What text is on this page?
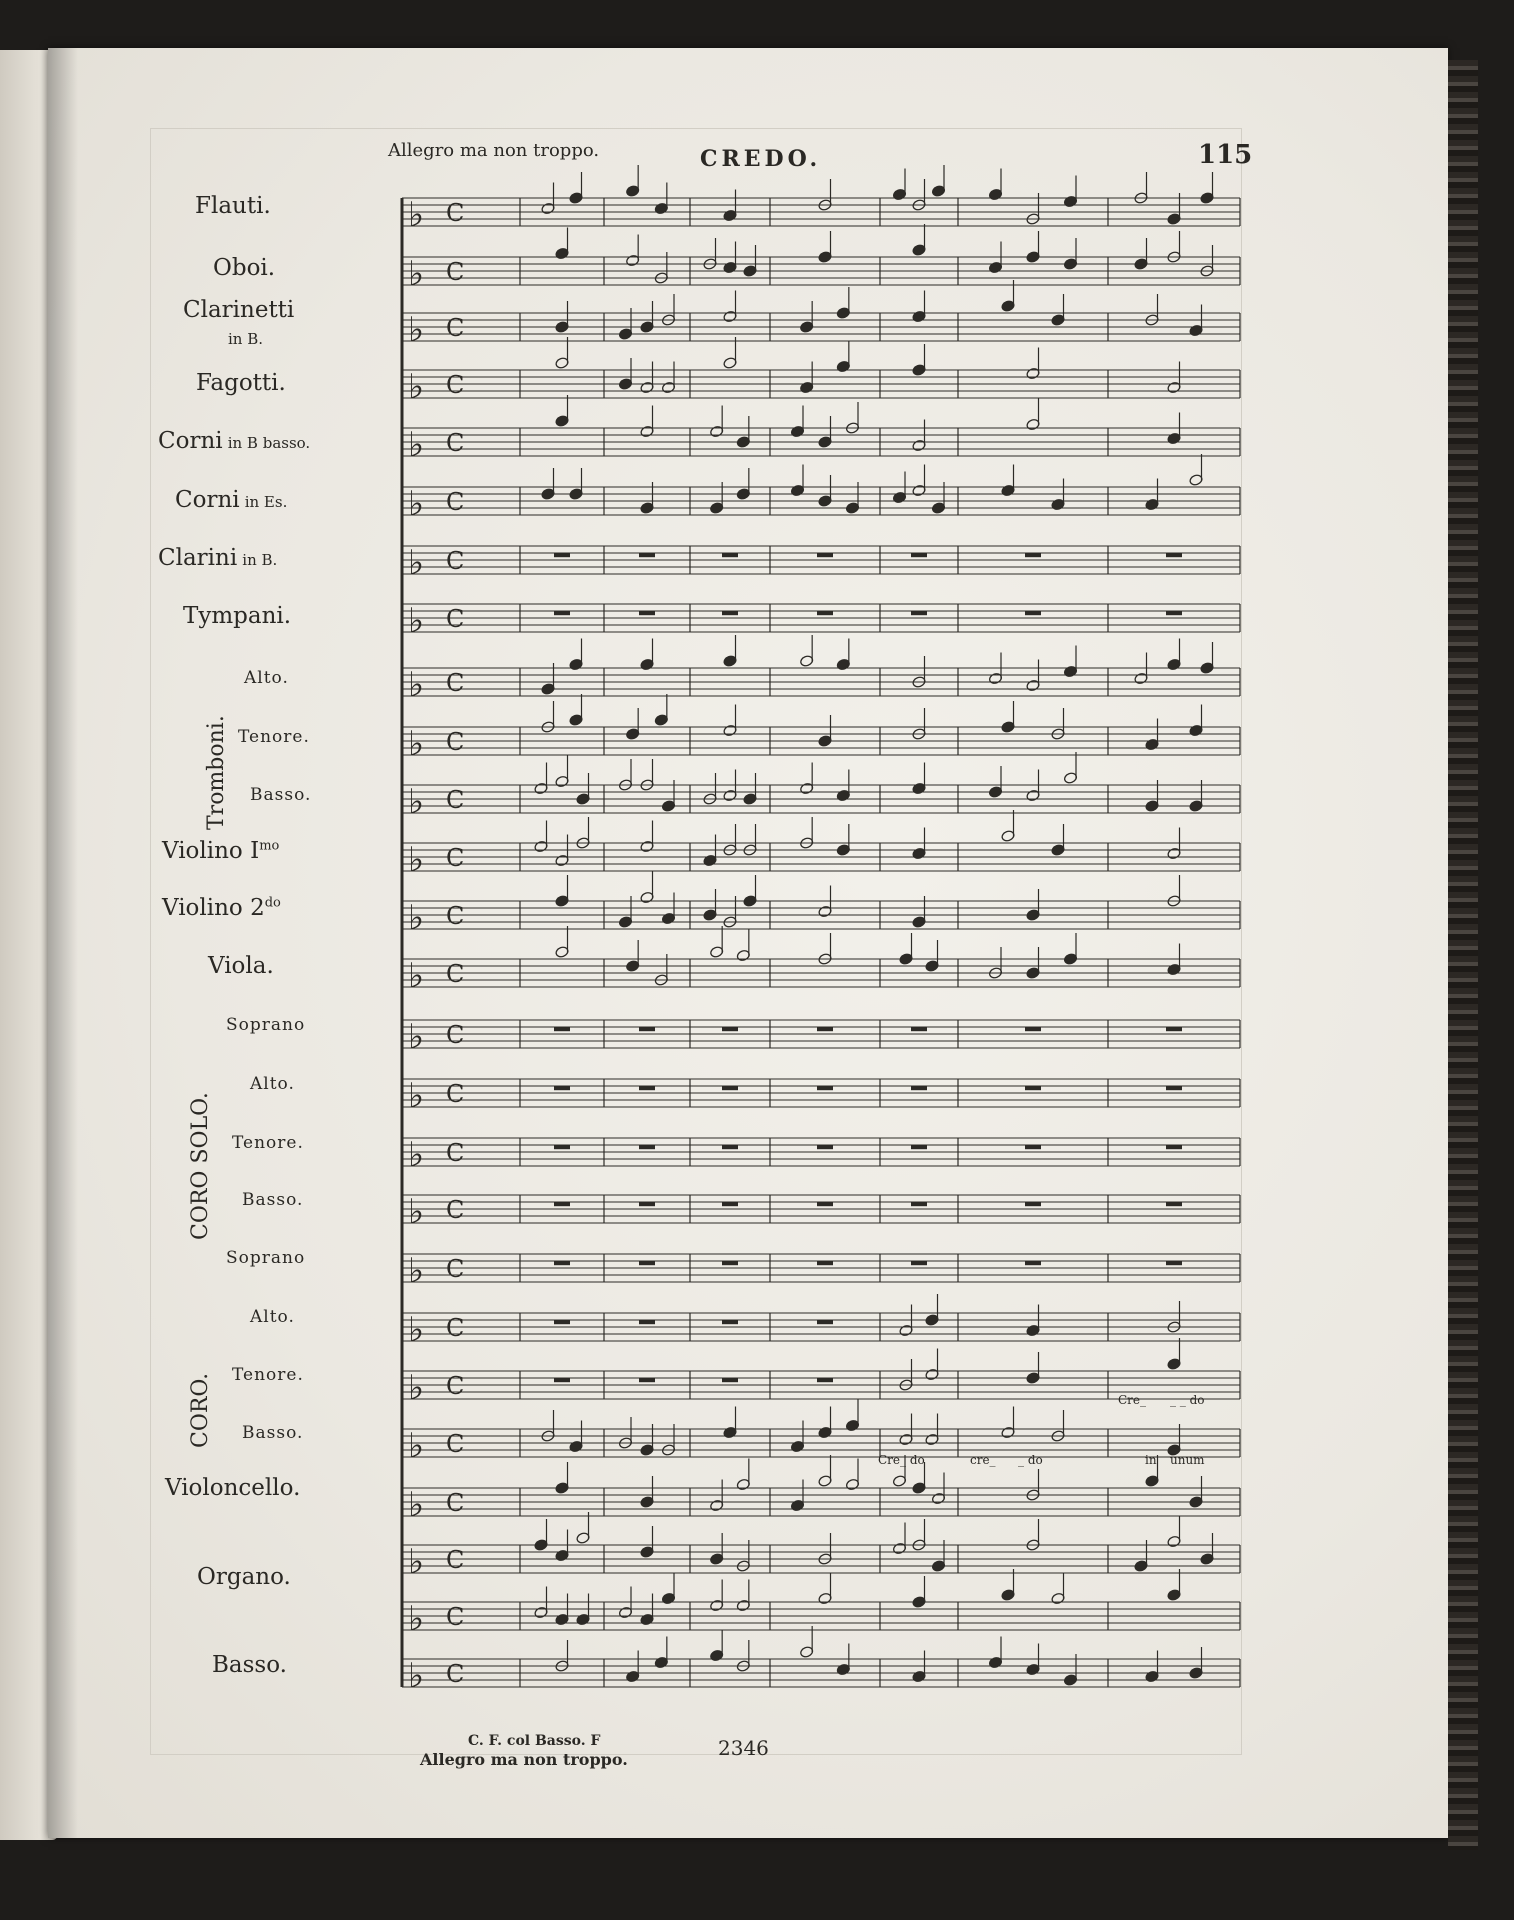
Allegro ma non troppo.	CREDO.	115
♭ C
♭ C
♭ C
♭ C
♭ C
♭ C
♭ C
♭ C
♭ C
♭ C
♭ C
♭ C
♭ C
♭ C
♭ C
♭ C
♭ C
♭ C
♭ C
♭ C
♭ C
♭ C
♭ C
♭ C
♭ C
♭ C
Flauti.
Oboi.
Clarinetti
in B.
Fagotti.
Corni in B basso.
Corni in Es.
Clarini in B.
Tympani.
Tromboni.
Alto.
Tenore.
Basso.
Violino $I^{mo}$
Violino $2^{do}$
Viola.
CORO SOLO.
Soprano
Alto.
Tenore.
Basso.
CORO.
Soprano
Alto.
Tenore.
Basso.
Violoncello.
Organo.
Basso.
Cre_ _ _ do
Cre_ do	cre_ _ do	in unum
C. F. col Basso. F
Allegro ma non troppo.	2346
